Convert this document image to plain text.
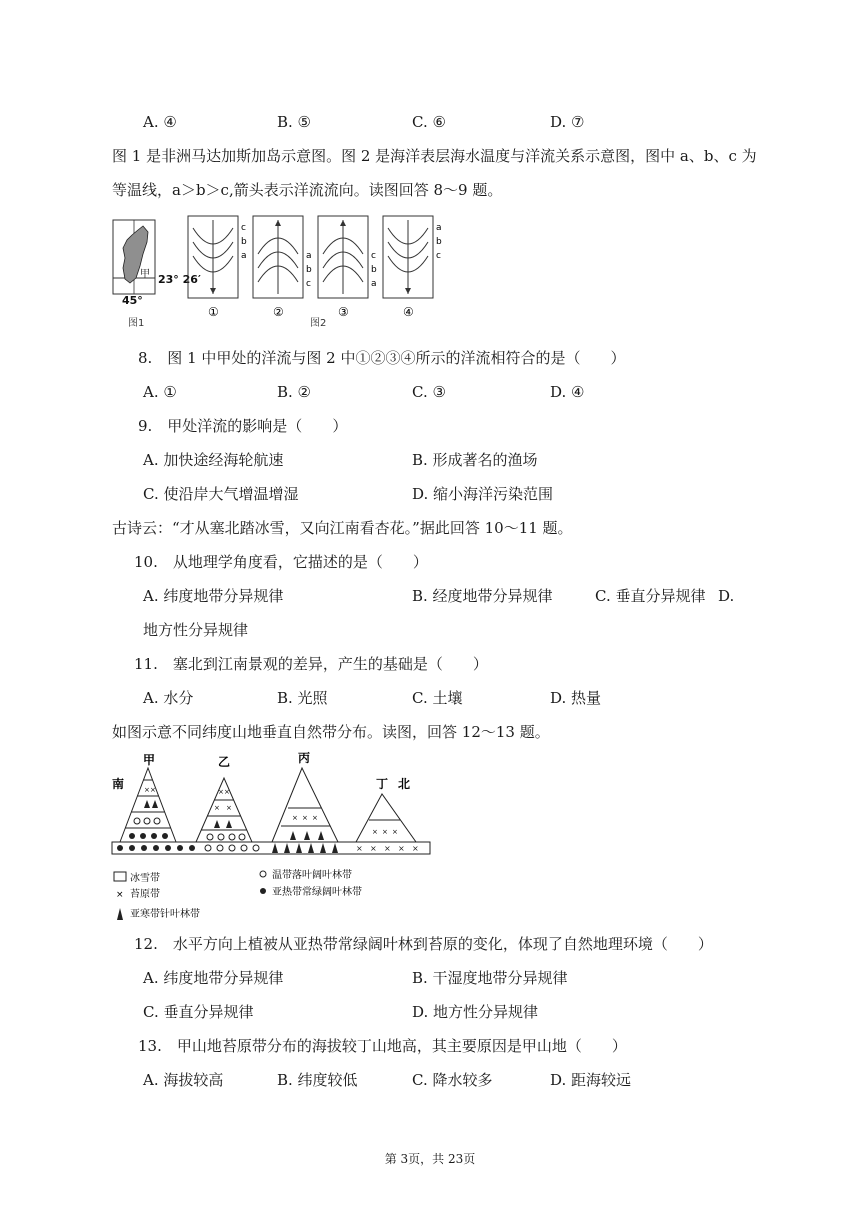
A. ④	B. ⑤	C. ⑥	D. ⑦
图 1 是非洲马达加斯加岛示意图。图 2 是海洋表层海水温度与洋流关系示意图，图中 a、b、c 为
等温线，a＞b＞c,箭头表示洋流流向。读图回答 8～9 题。
甲 23° 26′
45°
图1
c
b
a
①
a
b
c
②
c
b
a
③
a
b
c
④
图2
8.　图 1 中甲处的洋流与图 2 中①②③④所示的洋流相符合的是（　　）
A. ①	B. ②	C. ③	D. ④
9.　甲处洋流的影响是（　　）
A. 加快途经海轮航速	B. 形成著名的渔场
C. 使沿岸大气增温增湿	D. 缩小海洋污染范围
古诗云：“才从塞北踏冰雪，又向江南看杏花。”据此回答 10～11 题。
10.　从地理学角度看，它描述的是（　　）
A. 纬度地带分异规律	B. 经度地带分异规律	C. 垂直分异规律 D.
地方性分异规律
11.　塞北到江南景观的差异，产生的基础是（　　）
A. 水分	B. 光照	C. 土壤	D. 热量
如图示意不同纬度山地垂直自然带分布。读图，回答 12～13 题。
南	北
甲	乙	丙
丁
× × × × ×
× ×	× ×
× ×
× × ×
× × ×
冰雪带
× 苔原带
亚寒带针叶林带
温带落叶阔叶林带
亚热带常绿阔叶林带
12.　水平方向上植被从亚热带常绿阔叶林到苔原的变化，体现了自然地理环境（　　）
A. 纬度地带分异规律	B. 干湿度地带分异规律
C. 垂直分异规律	D. 地方性分异规律
13.　甲山地苔原带分布的海拔较丁山地高，其主要原因是甲山地（　　）
A. 海拔较高	B. 纬度较低	C. 降水较多	D. 距海较远
第 3页，共 23页
